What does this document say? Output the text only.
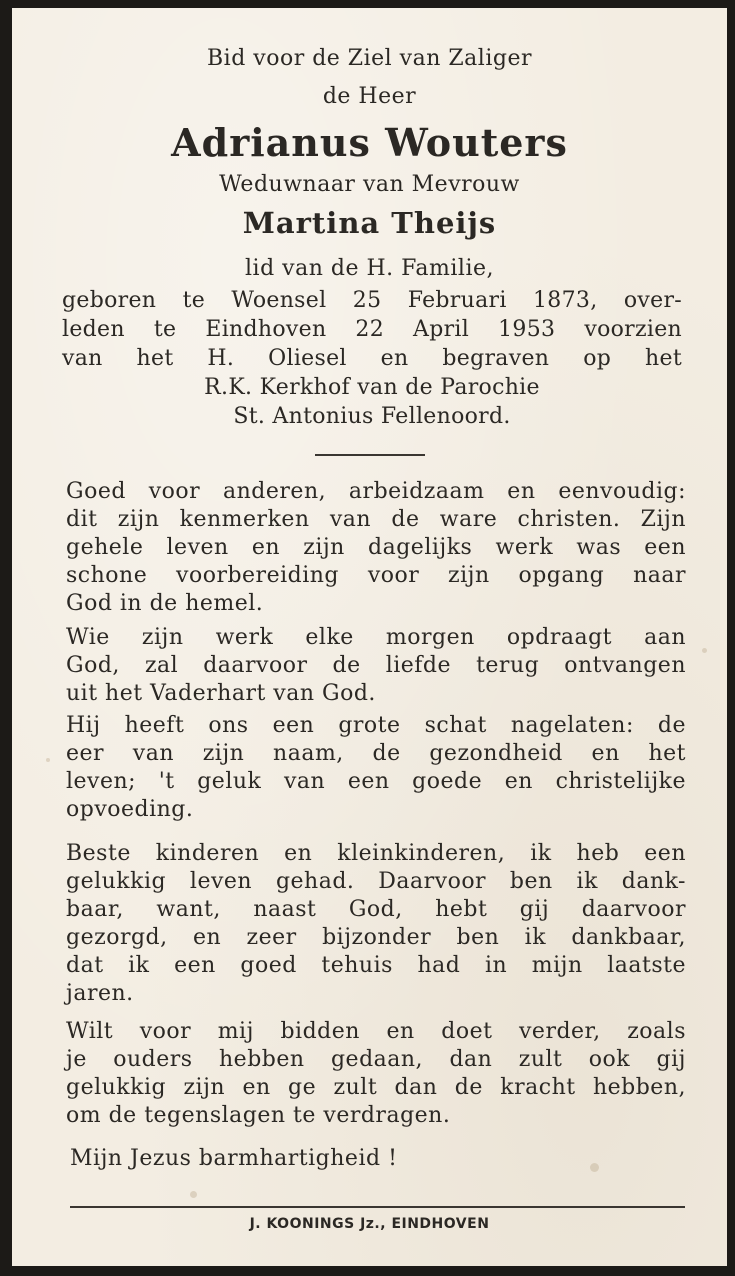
Bid voor de Ziel van Zaliger
de Heer
Adrianus Wouters
Weduwnaar van Mevrouw
Martina Theijs
lid van de H. Familie,
geboren te Woensel 25 Februari 1873, over-
leden te Eindhoven 22 April 1953 voorzien
van het H. Oliesel en begraven op het
R.K. Kerkhof van de Parochie
St. Antonius Fellenoord.
Goed voor anderen, arbeidzaam en eenvoudig:
dit zijn kenmerken van de ware christen. Zijn
gehele leven en zijn dagelijks werk was een
schone voorbereiding voor zijn opgang naar
God in de hemel.
Wie zijn werk elke morgen opdraagt aan
God, zal daarvoor de liefde terug ontvangen
uit het Vaderhart van God.
Hij heeft ons een grote schat nagelaten: de
eer van zijn naam, de gezondheid en het
leven; 't geluk van een goede en christelijke
opvoeding.
Beste kinderen en kleinkinderen, ik heb een
gelukkig leven gehad. Daarvoor ben ik dank-
baar, want, naast God, hebt gij daarvoor
gezorgd, en zeer bijzonder ben ik dankbaar,
dat ik een goed tehuis had in mijn laatste
jaren.
Wilt voor mij bidden en doet verder, zoals
je ouders hebben gedaan, dan zult ook gij
gelukkig zijn en ge zult dan de kracht hebben,
om de tegenslagen te verdragen.
Mijn Jezus barmhartigheid !
J. KOONINGS Jz., EINDHOVEN
